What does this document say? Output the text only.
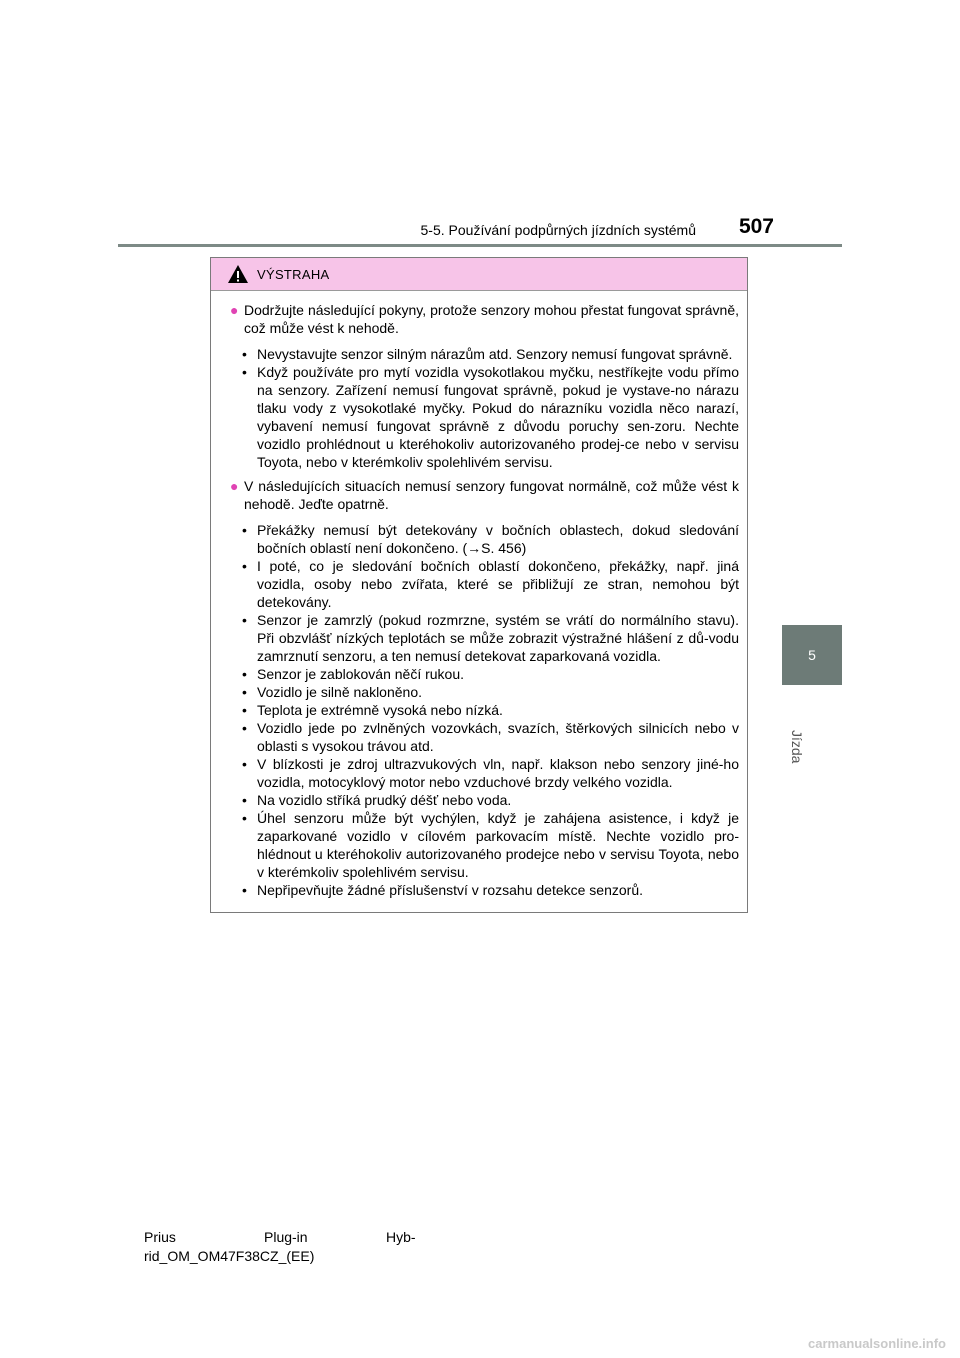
5-5. Používání podpůrných jízdních systémů	507
5
Jízda
VÝSTRAHA
● Dodržujte následující pokyny, protože senzory mohou přestat fungovat správně, což může vést k nehodě.
• Nevystavujte senzor silným nárazům atd. Senzory nemusí fungovat správně.
• Když používáte pro mytí vozidla vysokotlakou myčku, nestříkejte vodu přímo na senzory. Zařízení nemusí fungovat správně, pokud je vystave-no nárazu tlaku vody z vysokotlaké myčky. Pokud do nárazníku vozidla něco narazí, vybavení nemusí fungovat správně z důvodu poruchy sen-zoru. Nechte vozidlo prohlédnout u kteréhokoliv autorizovaného prodej-ce nebo v servisu Toyota, nebo v kterémkoliv spolehlivém servisu.
● V následujících situacích nemusí senzory fungovat normálně, což může vést k nehodě. Jeďte opatrně.
• Překážky nemusí být detekovány v bočních oblastech, dokud sledování bočních oblastí není dokončeno. (→S. 456)
• I poté, co je sledování bočních oblastí dokončeno, překážky, např. jiná vozidla, osoby nebo zvířata, které se přibližují ze stran, nemohou být detekovány.
• Senzor je zamrzlý (pokud rozmrzne, systém se vrátí do normálního stavu). Při obzvlášť nízkých teplotách se může zobrazit výstražné hlášení z dů-vodu zamrznutí senzoru, a ten nemusí detekovat zaparkovaná vozidla.
• Senzor je zablokován něčí rukou.
• Vozidlo je silně nakloněno.
• Teplota je extrémně vysoká nebo nízká.
• Vozidlo jede po zvlněných vozovkách, svazích, štěrkových silnicích nebo v oblasti s vysokou trávou atd.
• V blízkosti je zdroj ultrazvukových vln, např. klakson nebo senzory jiné-ho vozidla, motocyklový motor nebo vzduchové brzdy velkého vozidla.
• Na vozidlo stříká prudký déšť nebo voda.
• Úhel senzoru může být vychýlen, když je zahájena asistence, i když je zaparkované vozidlo v cílovém parkovacím místě. Nechte vozidlo pro-hlédnout u kteréhokoliv autorizovaného prodejce nebo v servisu Toyota, nebo v kterémkoliv spolehlivém servisu.
• Nepřipevňujte žádné příslušenství v rozsahu detekce senzorů.
Prius	Plug-in	Hyb-
rid_OM_OM47F38CZ_(EE)
carmanualsonline.info
